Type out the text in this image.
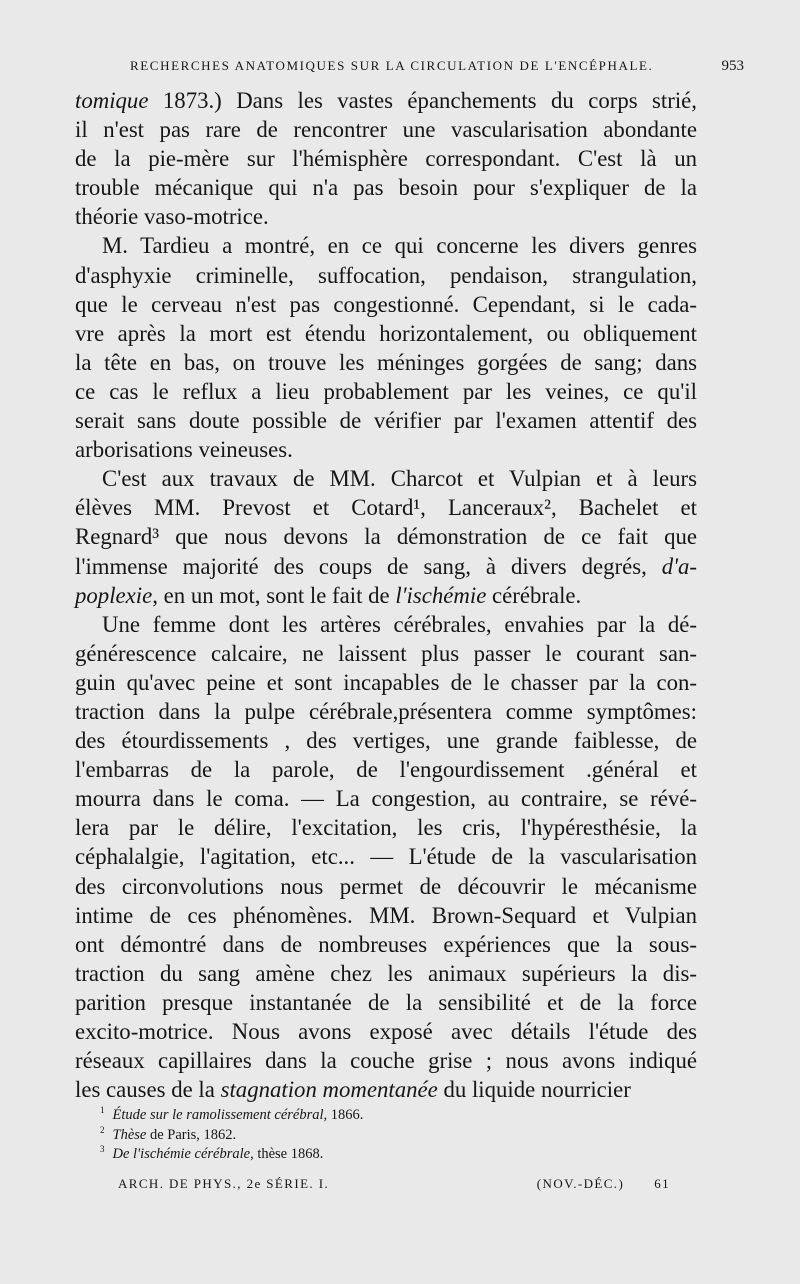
RECHERCHES ANATOMIQUES SUR LA CIRCULATION DE L'ENCÉPHALE.	953
tomique 1873.) Dans les vastes épanchements du corps strié,
il n'est pas rare de rencontrer une vascularisation abondante
de la pie-mère sur l'hémisphère correspondant. C'est là un
trouble mécanique qui n'a pas besoin pour s'expliquer de la
théorie vaso-motrice.
M. Tardieu a montré, en ce qui concerne les divers genres
d'asphyxie criminelle, suffocation, pendaison, strangulation,
que le cerveau n'est pas congestionné. Cependant, si le cada-
vre après la mort est étendu horizontalement, ou obliquement
la tête en bas, on trouve les méninges gorgées de sang; dans
ce cas le reflux a lieu probablement par les veines, ce qu'il
serait sans doute possible de vérifier par l'examen attentif des
arborisations veineuses.
C'est aux travaux de MM. Charcot et Vulpian et à leurs
élèves MM. Prevost et Cotard¹, Lanceraux², Bachelet et
Regnard³ que nous devons la démonstration de ce fait que
l'immense majorité des coups de sang, à divers degrés, d'a-
poplexie, en un mot, sont le fait de l'ischémie cérébrale.
Une femme dont les artères cérébrales, envahies par la dé-
générescence calcaire, ne laissent plus passer le courant san-
guin qu'avec peine et sont incapables de le chasser par la con-
traction dans la pulpe cérébrale,présentera comme symptômes:
des étourdissements , des vertiges, une grande faiblesse, de
l'embarras de la parole, de l'engourdissement .général et
mourra dans le coma. — La congestion, au contraire, se révé-
lera par le délire, l'excitation, les cris, l'hypéresthésie, la
céphalalgie, l'agitation, etc... — L'étude de la vascularisation
des circonvolutions nous permet de découvrir le mécanisme
intime de ces phénomènes. MM. Brown-Sequard et Vulpian
ont démontré dans de nombreuses expériences que la sous-
traction du sang amène chez les animaux supérieurs la dis-
parition presque instantanée de la sensibilité et de la force
excito-motrice. Nous avons exposé avec détails l'étude des
réseaux capillaires dans la couche grise ; nous avons indiqué
les causes de la stagnation momentanée du liquide nourricier
$^1$ Étude sur le ramolissement cérébral, 1866.
$^2$ Thèse de Paris, 1862.
$^3$ De l'ischémie cérébrale, thèse 1868.
ARCH. DE PHYS., 2e SÉRIE. I.	(NOV.-DÉC.) 61
